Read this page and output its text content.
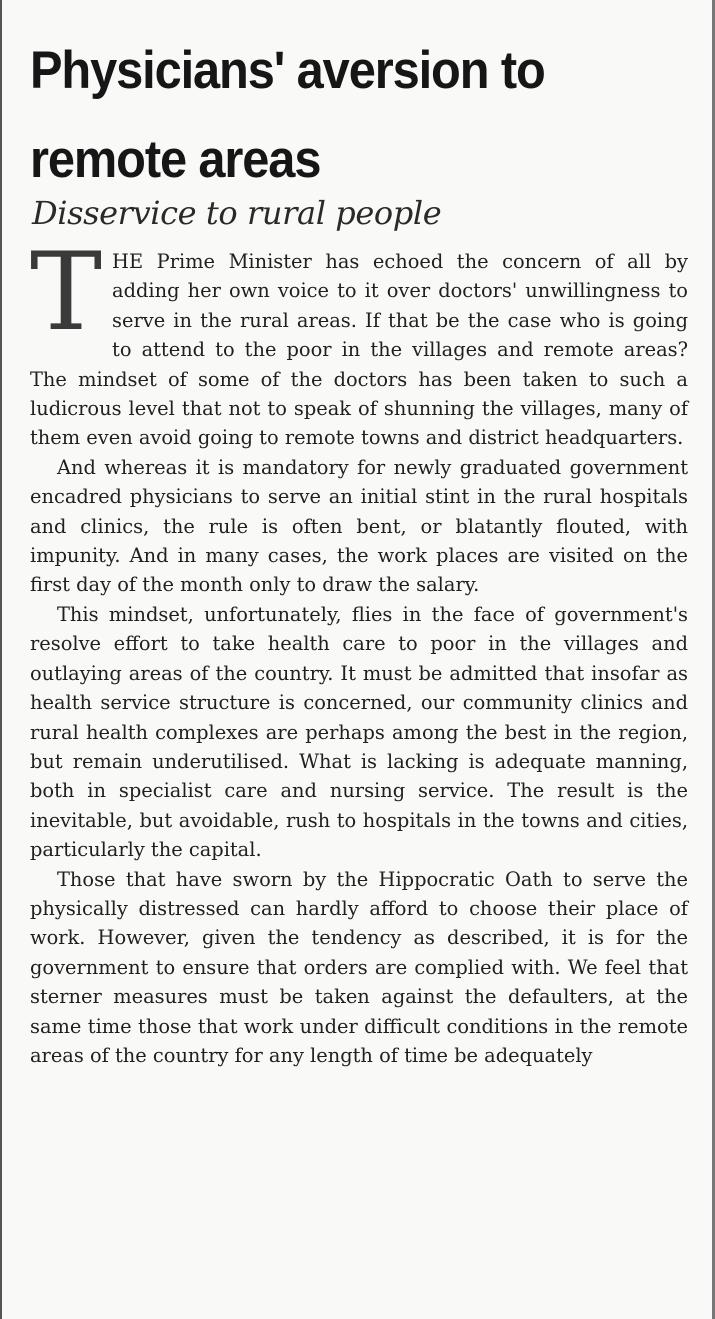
Physicians' aversion to remote areas
Disservice to rural people

THE Prime Minister has echoed the concern of all by adding her own voice to it over doctors' unwillingness to serve in the rural areas. If that be the case who is going to attend to the poor in the villages and remote areas? The mindset of some of the doctors has been taken to such a ludicrous level that not to speak of shunning the villages, many of them even avoid going to remote towns and district headquarters.

And whereas it is mandatory for newly graduated government encadred physicians to serve an initial stint in the rural hospitals and clinics, the rule is often bent, or blatantly flouted, with impunity. And in many cases, the work places are visited on the first day of the month only to draw the salary.

This mindset, unfortunately, flies in the face of government's resolve effort to take health care to poor in the villages and outlaying areas of the country. It must be admitted that insofar as health service structure is concerned, our community clinics and rural health complexes are perhaps among the best in the region, but remain underutilised. What is lacking is adequate manning, both in specialist care and nursing service. The result is the inevitable, but avoidable, rush to hospitals in the towns and cities, particularly the capital.

Those that have sworn by the Hippocratic Oath to serve the physically distressed can hardly afford to choose their place of work. However, given the tendency as described, it is for the government to ensure that orders are complied with. We feel that sterner measures must be taken against the defaulters, at the same time those that work under difficult conditions in the remote areas of the country for any length of time be adequately
